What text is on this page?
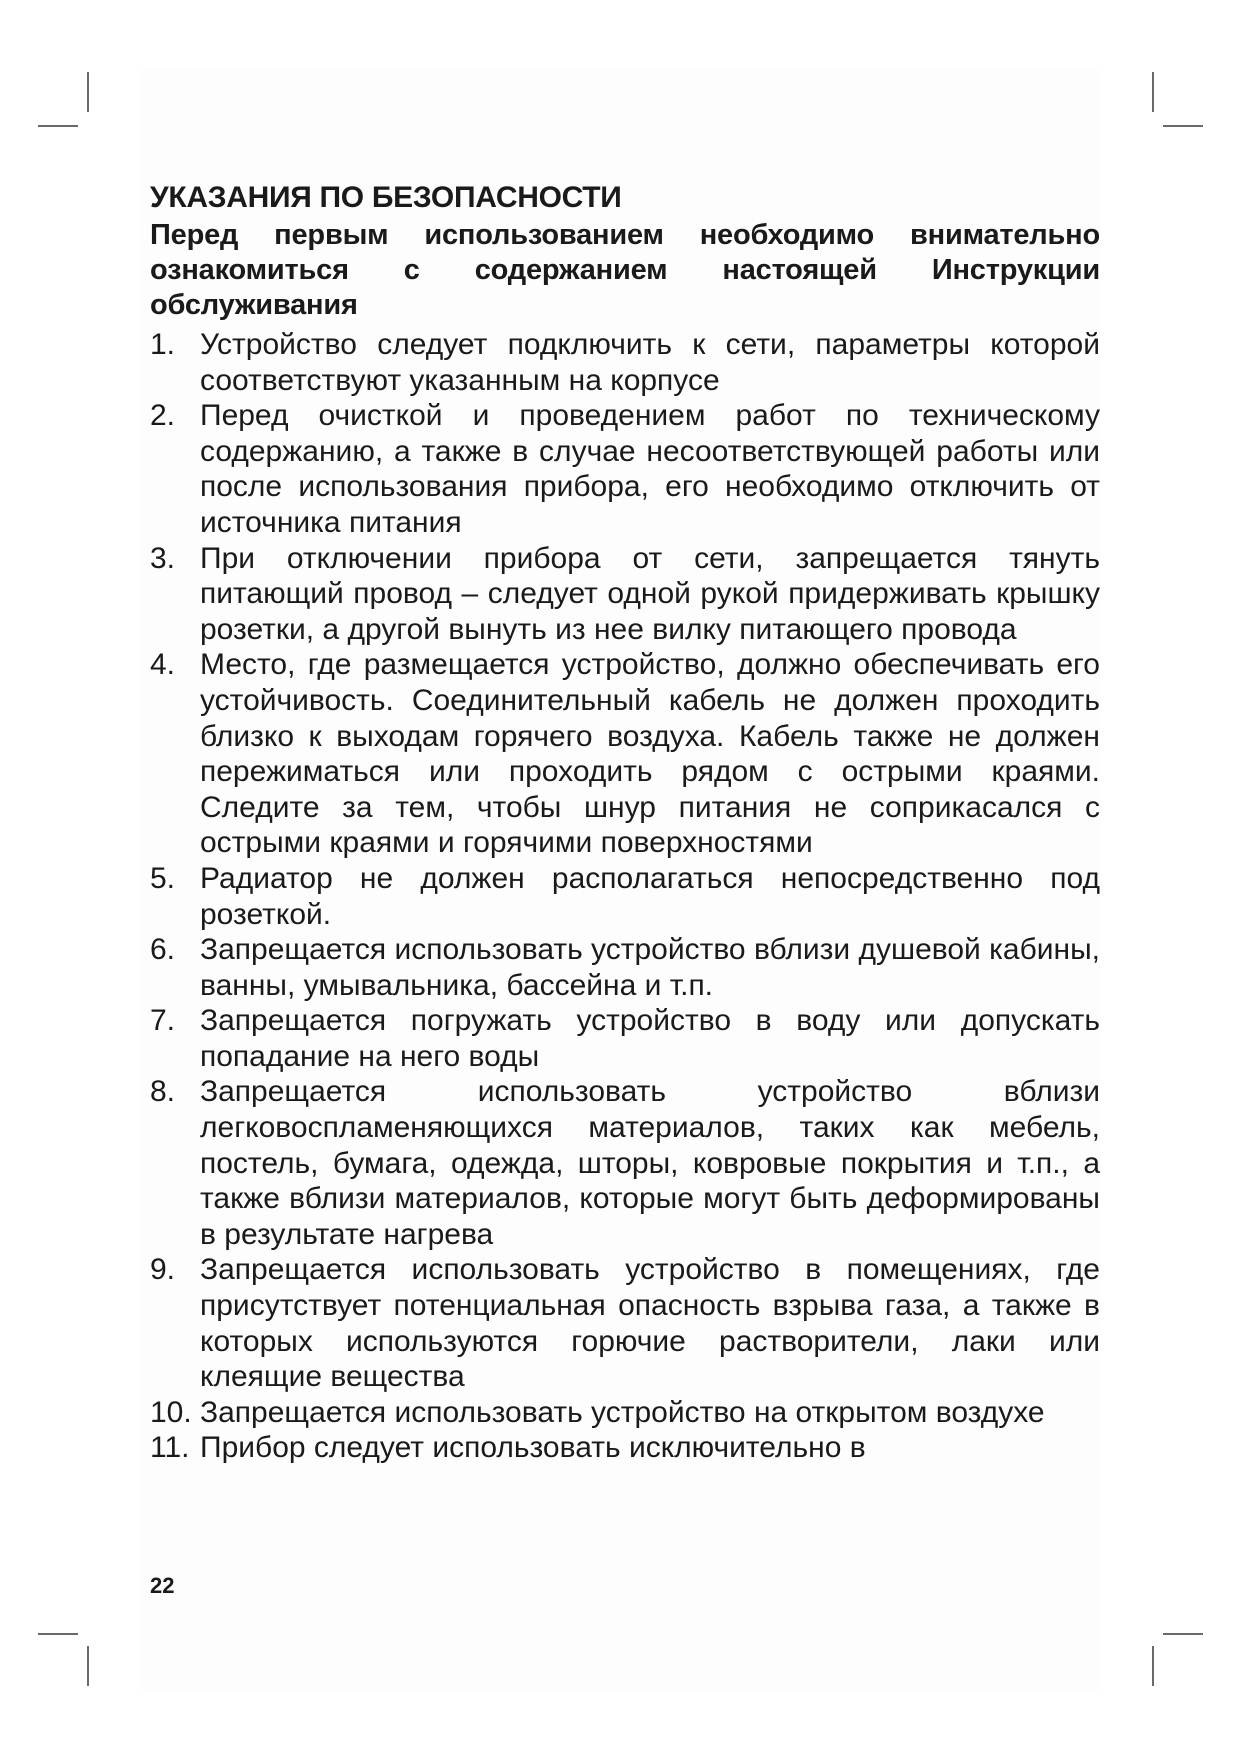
УКАЗАНИЯ ПО БЕЗОПАСНОСТИ

Перед первым использованием необходимо внимательно ознакомиться с содержанием настоящей Инструкции обслуживания

1. Устройство следует подключить к сети, параметры которой соответствуют указанным на корпусе
2. Перед очисткой и проведением работ по техническому содержанию, а также в случае несоответствующей работы или после использования прибора, его необходимо отключить от источника питания
3. При отключении прибора от сети, запрещается тянуть питающий провод – следует одной рукой придерживать крышку розетки, а другой вынуть из нее вилку питающего провода
4. Место, где размещается устройство, должно обеспечивать его устойчивость. Соединительный кабель не должен проходить близко к выходам горячего воздуха. Кабель также не должен пережиматься или проходить рядом с острыми краями. Следите за тем, чтобы шнур питания не соприкасался с острыми краями и горячими поверхностями
5. Радиатор не должен располагаться непосредственно под розеткой.
6. Запрещается использовать устройство вблизи душевой кабины, ванны, умывальника, бассейна и т.п.
7. Запрещается погружать устройство в воду или допускать попадание на него воды
8. Запрещается использовать устройство вблизи легковоспламеняющихся материалов, таких как мебель, постель, бумага, одежда, шторы, ковровые покрытия и т.п., а также вблизи материалов, которые могут быть деформированы в результате нагрева
9. Запрещается использовать устройство в помещениях, где присутствует потенциальная опасность взрыва газа, а также в которых используются горючие растворители, лаки или клеящие вещества
10. Запрещается использовать устройство на открытом воздухе
11. Прибор следует использовать исключительно в
22
